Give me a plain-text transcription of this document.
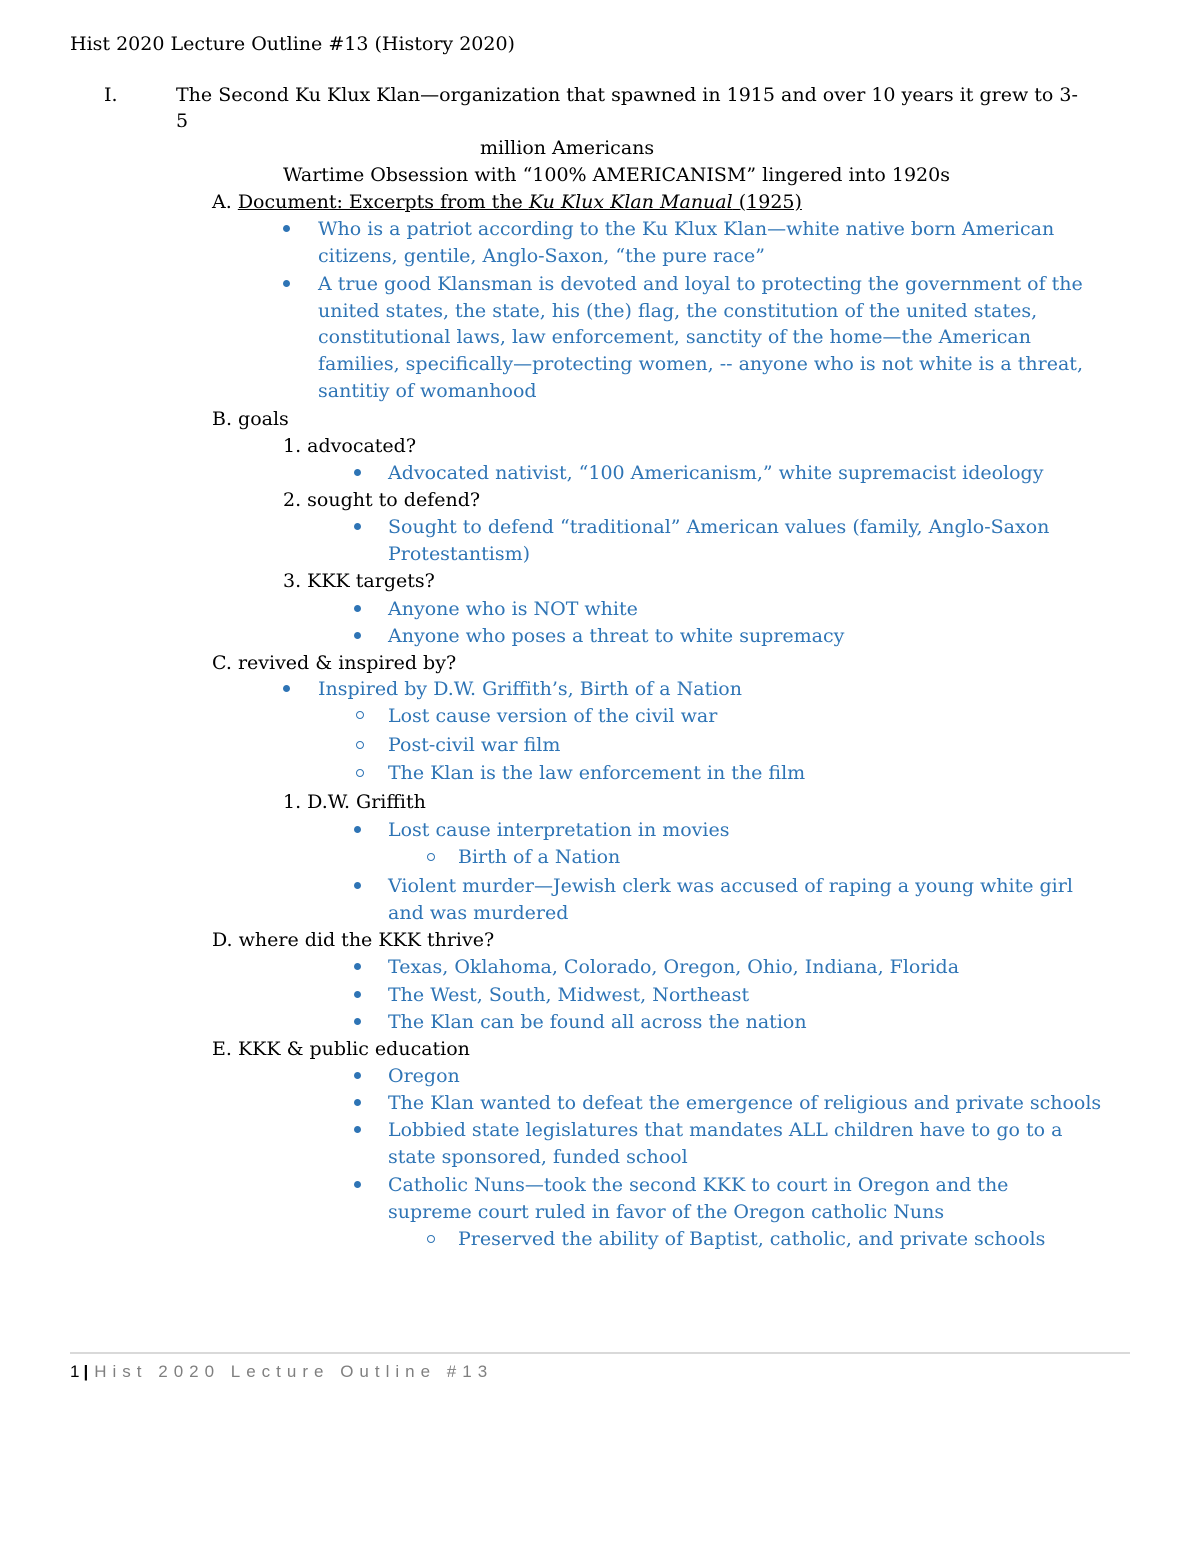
Hist 2020 Lecture Outline #13 (History 2020)
I.	The Second Ku Klux Klan—organization that spawned in 1915 and over 10 years it grew to 3-
5
million Americans
Wartime Obsession with “100% AMERICANISM” lingered into 1920s
A. Document: Excerpts from the Ku Klux Klan Manual (1925)
Who is a patriot according to the Ku Klux Klan—white native born American
citizens, gentile, Anglo-Saxon, “the pure race”
A true good Klansman is devoted and loyal to protecting the government of the
united states, the state, his (the) flag, the constitution of the united states,
constitutional laws, law enforcement, sanctity of the home—the American
families, specifically—protecting women, -- anyone who is not white is a threat,
santitiy of womanhood
B. goals
1. advocated?
Advocated nativist, “100 Americanism,” white supremacist ideology
2. sought to defend?
Sought to defend “traditional” American values (family, Anglo-Saxon
Protestantism)
3. KKK targets?
Anyone who is NOT white
Anyone who poses a threat to white supremacy
C. revived & inspired by?
Inspired by D.W. Griffith’s, Birth of a Nation
Lost cause version of the civil war
Post-civil war film
The Klan is the law enforcement in the film
1. D.W. Griffith
Lost cause interpretation in movies
Birth of a Nation
Violent murder—Jewish clerk was accused of raping a young white girl
and was murdered
D. where did the KKK thrive?
Texas, Oklahoma, Colorado, Oregon, Ohio, Indiana, Florida
The West, South, Midwest, Northeast
The Klan can be found all across the nation
E. KKK & public education
Oregon
The Klan wanted to defeat the emergence of religious and private schools
Lobbied state legislatures that mandates ALL children have to go to a
state sponsored, funded school
Catholic Nuns—took the second KKK to court in Oregon and the
supreme court ruled in favor of the Oregon catholic Nuns
Preserved the ability of Baptist, catholic, and private schools
1 | Hist 2020 Lecture Outline #13
